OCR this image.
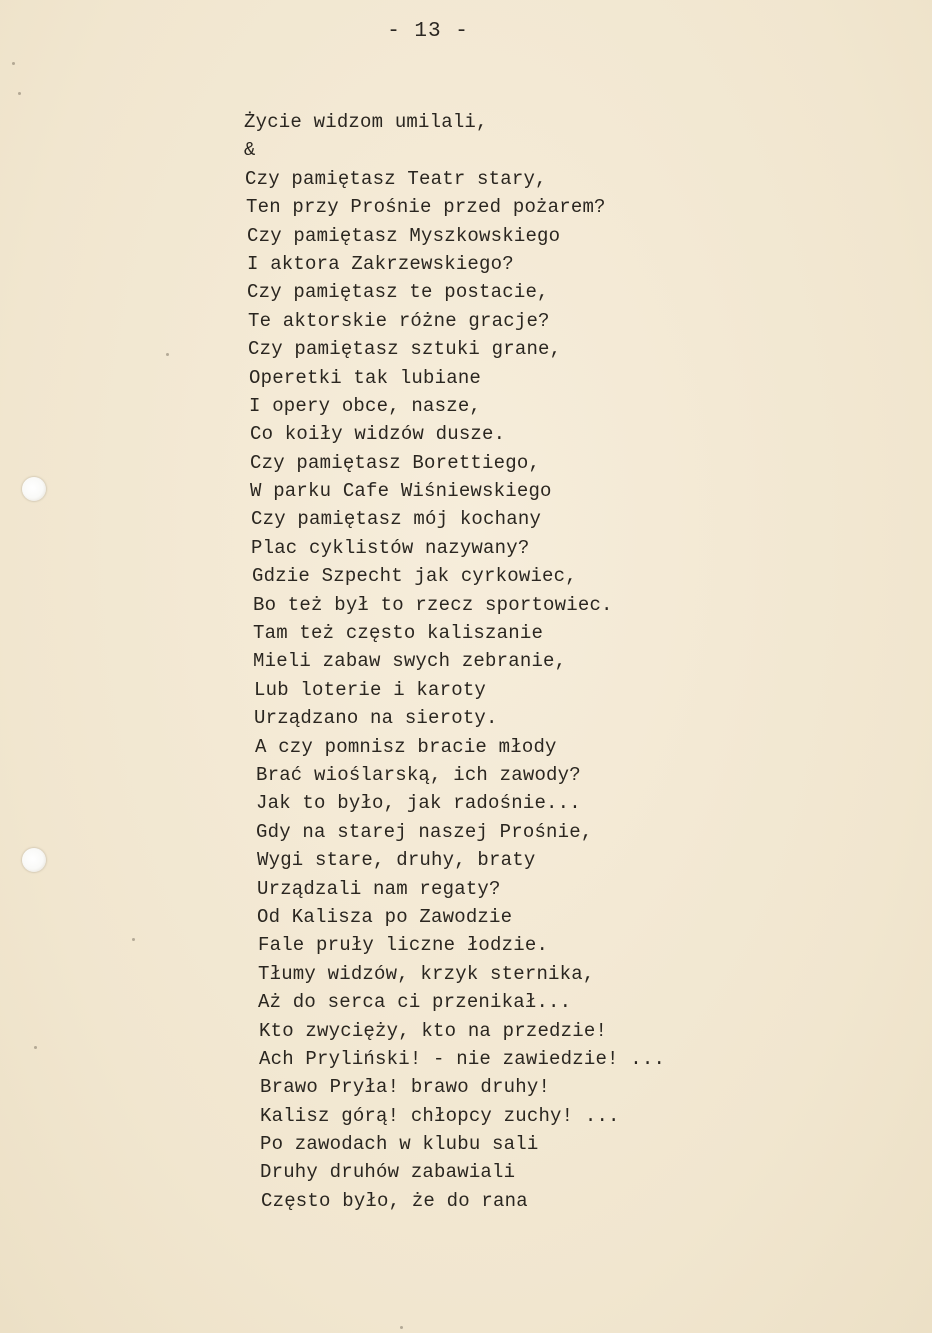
- 13 -
Życie widzom umilali,
&
Czy pamiętasz Teatr stary,
Ten przy Prośnie przed pożarem?
Czy pamiętasz Myszkowskiego
I aktora Zakrzewskiego?
Czy pamiętasz te postacie,
Te aktorskie różne gracje?
Czy pamiętasz sztuki grane,
Operetki tak lubiane
I opery obce, nasze,
Co koiły widzów dusze.
Czy pamiętasz Borettiego,
W parku Cafe Wiśniewskiego
Czy pamiętasz mój kochany
Plac cyklistów nazywany?
Gdzie Szpecht jak cyrkowiec,
Bo też był to rzecz sportowiec.
Tam też często kaliszanie
Mieli zabaw swych zebranie,
Lub loterie i karoty
Urządzano na sieroty.
A czy pomnisz bracie młody
Brać wioślarską, ich zawody?
Jak to było, jak radośnie...
Gdy na starej naszej Prośnie,
Wygi stare, druhy, braty
Urządzali nam regaty?
Od Kalisza po Zawodzie
Fale pruły liczne łodzie.
Tłumy widzów, krzyk sternika,
Aż do serca ci przenikał...
Kto zwycięży, kto na przedzie!
Ach Pryliński! - nie zawiedzie! ...
Brawo Pryła! brawo druhy!
Kalisz górą! chłopcy zuchy! ...
Po zawodach w klubu sali
Druhy druhów zabawiali
Często było, że do rana
